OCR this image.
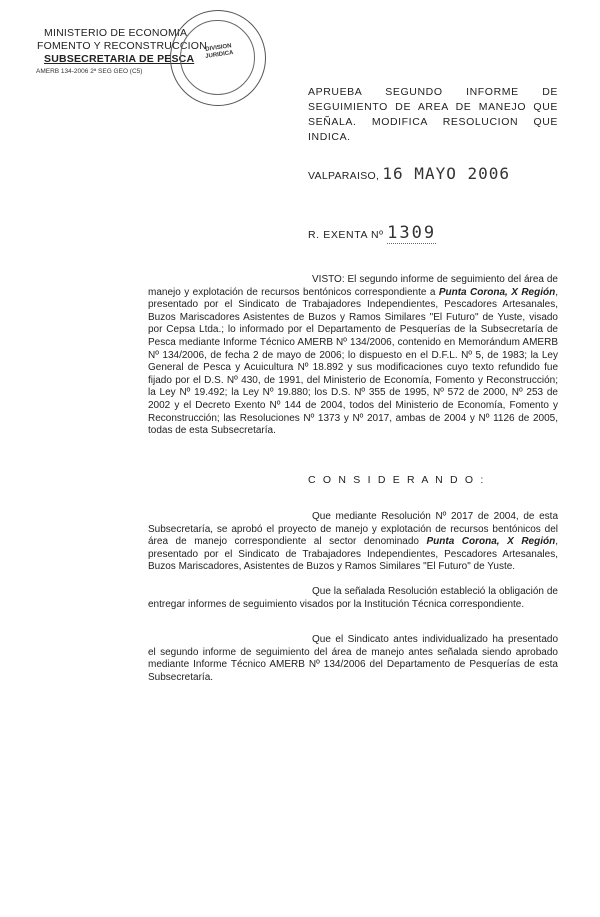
MINISTERIO DE ECONOMIA
FOMENTO Y RECONSTRUCCION
SUBSECRETARIA DE PESCA
AMERB 134-2006 2ª SEG GEO (C5)
DIVISION
JURIDICA
APRUEBA SEGUNDO INFORME DE SEGUIMIENTO DE AREA DE MANEJO QUE SEÑALA. MODIFICA RESOLUCION QUE INDICA.
VALPARAISO, 16 MAYO 2006
R. EXENTA Nº 1309
VISTO: El segundo informe de seguimiento del área de manejo y explotación de recursos bentónicos correspondiente a Punta Corona, X Región, presentado por el Sindicato de Trabajadores Independientes, Pescadores Artesanales, Buzos Mariscadores Asistentes de Buzos y Ramos Similares "El Futuro" de Yuste, visado por Cepsa Ltda.; lo informado por el Departamento de Pesquerías de la Subsecretaría de Pesca mediante Informe Técnico AMERB Nº 134/2006, contenido en Memorándum AMERB Nº 134/2006, de fecha 2 de mayo de 2006; lo dispuesto en el D.F.L. Nº 5, de 1983; la Ley General de Pesca y Acuicultura Nº 18.892 y sus modificaciones cuyo texto refundido fue fijado por el D.S. Nº 430, de 1991, del Ministerio de Economía, Fomento y Reconstrucción; la Ley Nº 19.492; la Ley Nº 19.880; los D.S. Nº 355 de 1995, Nº 572 de 2000, Nº 253 de 2002 y el Decreto Exento Nº 144 de 2004, todos del Ministerio de Economía, Fomento y Reconstrucción; las Resoluciones Nº 1373 y Nº 2017, ambas de 2004 y Nº 1126 de 2005, todas de esta Subsecretaría.
C O N S I D E R A N D O :
Que mediante Resolución Nº 2017 de 2004, de esta Subsecretaría, se aprobó el proyecto de manejo y explotación de recursos bentónicos del área de manejo correspondiente al sector denominado Punta Corona, X Región, presentado por el Sindicato de Trabajadores Independientes, Pescadores Artesanales, Buzos Mariscadores, Asistentes de Buzos y Ramos Similares "El Futuro" de Yuste.
Que la señalada Resolución estableció la obligación de entregar informes de seguimiento visados por la Institución Técnica correspondiente.
Que el Sindicato antes individualizado ha presentado el segundo informe de seguimiento del área de manejo antes señalada siendo aprobado mediante Informe Técnico AMERB Nº 134/2006 del Departamento de Pesquerías de esta Subsecretaría.
